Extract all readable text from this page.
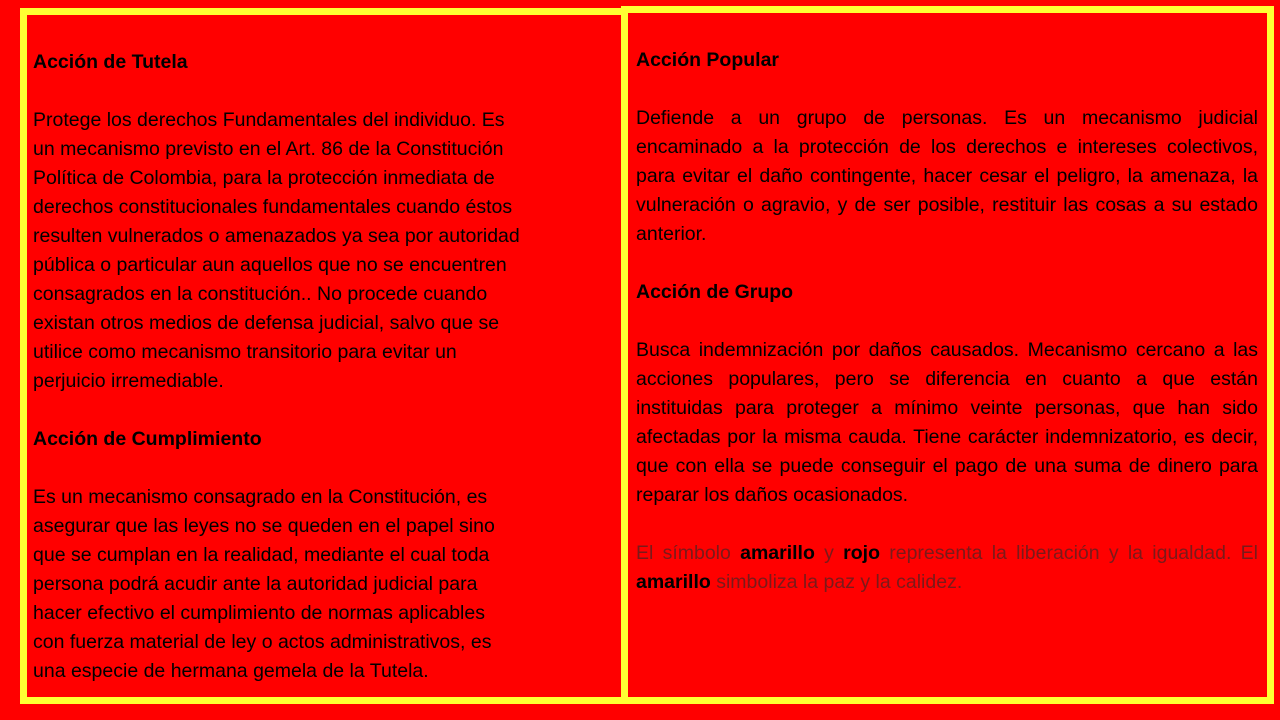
Acción de Tutela

Protege los derechos Fundamentales del individuo. Es
un mecanismo previsto en el Art. 86 de la Constitución
Política de Colombia, para la protección inmediata de
derechos constitucionales fundamentales cuando éstos
resulten vulnerados o amenazados ya sea por autoridad
pública o particular aun aquellos que no se encuentren
consagrados en la constitución.. No procede cuando
existan otros medios de defensa judicial, salvo que se
utilice como mecanismo transitorio para evitar un
perjuicio irremediable.

Acción de Cumplimiento

Es un mecanismo consagrado en la Constitución, es
asegurar que las leyes no se queden en el papel sino
que se cumplan en la realidad, mediante el cual toda
persona podrá acudir ante la autoridad judicial para
hacer efectivo el cumplimiento de normas aplicables
con fuerza material de ley o actos administrativos, es
una especie de hermana gemela de la Tutela.

Acción Popular

Defiende a un grupo de personas. Es un mecanismo judicial encaminado a la protección de los derechos e intereses colectivos, para evitar el daño contingente, hacer cesar el peligro, la amenaza, la vulneración o agravio, y de ser posible, restituir las cosas a su estado anterior.

Acción de Grupo

Busca indemnización por daños causados. Mecanismo cercano a las acciones populares, pero se diferencia en cuanto a que están instituidas para proteger a mínimo veinte personas, que han sido afectadas por la misma cauda. Tiene carácter indemnizatorio, es decir, que con ella se puede conseguir el pago de una suma de dinero para reparar los daños ocasionados.

El símbolo amarillo y rojo representa la liberación y la igualdad. El amarillo simboliza la paz y la calidez.
